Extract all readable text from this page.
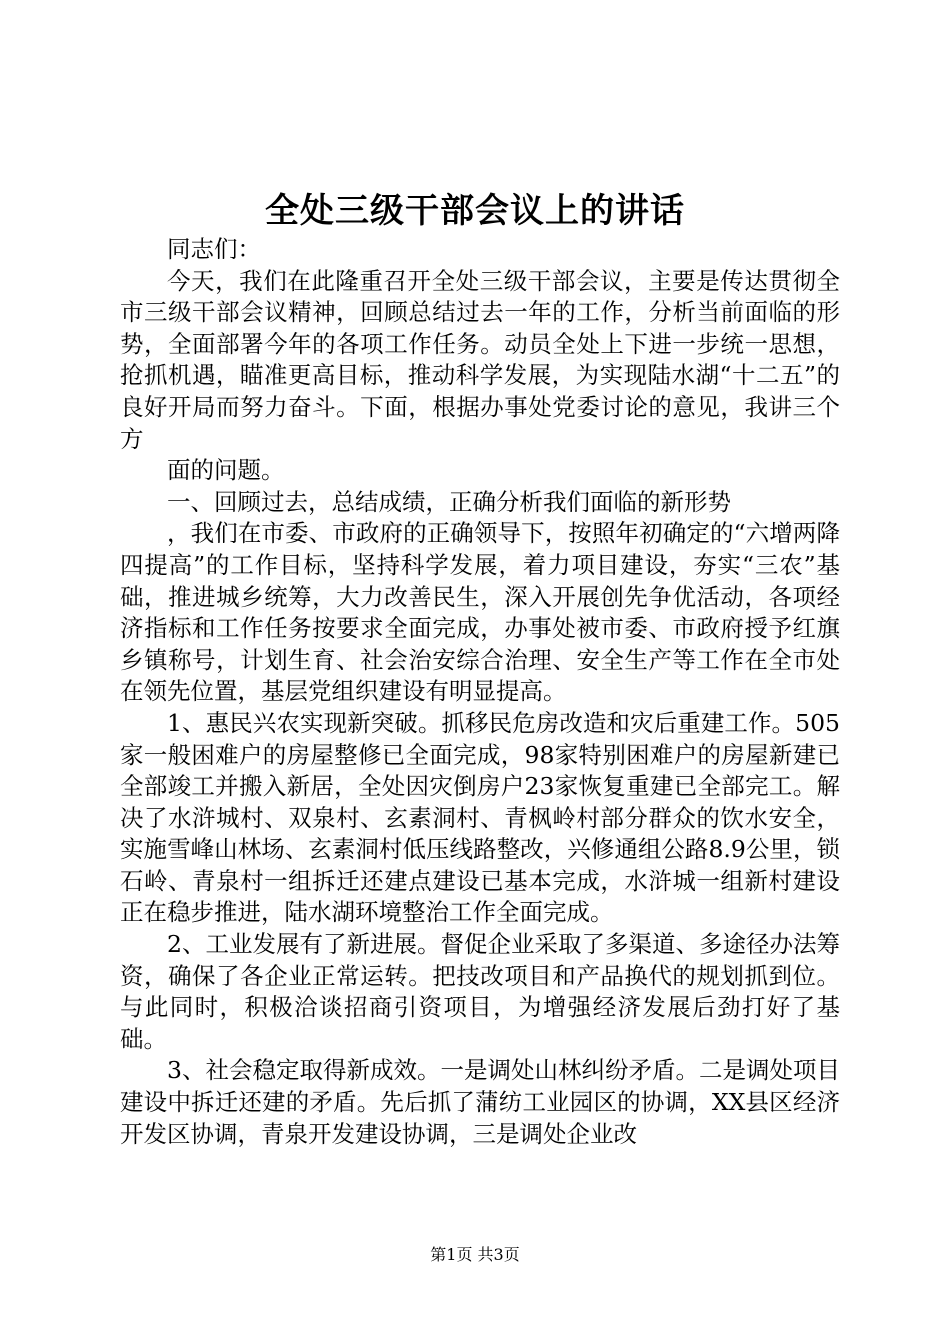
全处三级干部会议上的讲话

同志们：

今天，我们在此隆重召开全处三级干部会议，主要是传达贯彻全市三级干部会议精神，回顾总结过去一年的工作，分析当前面临的形势，全面部署今年的各项工作任务。动员全处上下进一步统一思想，抢抓机遇，瞄准更高目标，推动科学发展，为实现陆水湖“十二五”的良好开局而努力奋斗。下面，根据办事处党委讨论的意见，我讲三个方

面的问题。

一、回顾过去，总结成绩，正确分析我们面临的新形势

，我们在市委、市政府的正确领导下，按照年初确定的“六增两降四提高”的工作目标，坚持科学发展，着力项目建设，夯实“三农”基础，推进城乡统筹，大力改善民生，深入开展创先争优活动，各项经济指标和工作任务按要求全面完成，办事处被市委、市政府授予红旗乡镇称号，计划生育、社会治安综合治理、安全生产等工作在全市处在领先位置，基层党组织建设有明显提高。

1、惠民兴农实现新突破。抓移民危房改造和灾后重建工作。505家一般困难户的房屋整修已全面完成，98家特别困难户的房屋新建已全部竣工并搬入新居，全处因灾倒房户23家恢复重建已全部完工。解决了水浒城村、双泉村、玄素洞村、青枫岭村部分群众的饮水安全，实施雪峰山林场、玄素洞村低压线路整改，兴修通组公路8.9公里，锁石岭、青泉村一组拆迁还建点建设已基本完成，水浒城一组新村建设正在稳步推进，陆水湖环境整治工作全面完成。

2、工业发展有了新进展。督促企业采取了多渠道、多途径办法筹资，确保了各企业正常运转。把技改项目和产品换代的规划抓到位。与此同时，积极洽谈招商引资项目，为增强经济发展后劲打好了基础。

3、社会稳定取得新成效。一是调处山林纠纷矛盾。二是调处项目建设中拆迁还建的矛盾。先后抓了蒲纺工业园区的协调，XX县区经济开发区协调，青泉开发建设协调，三是调处企业改

第1页 共3页
